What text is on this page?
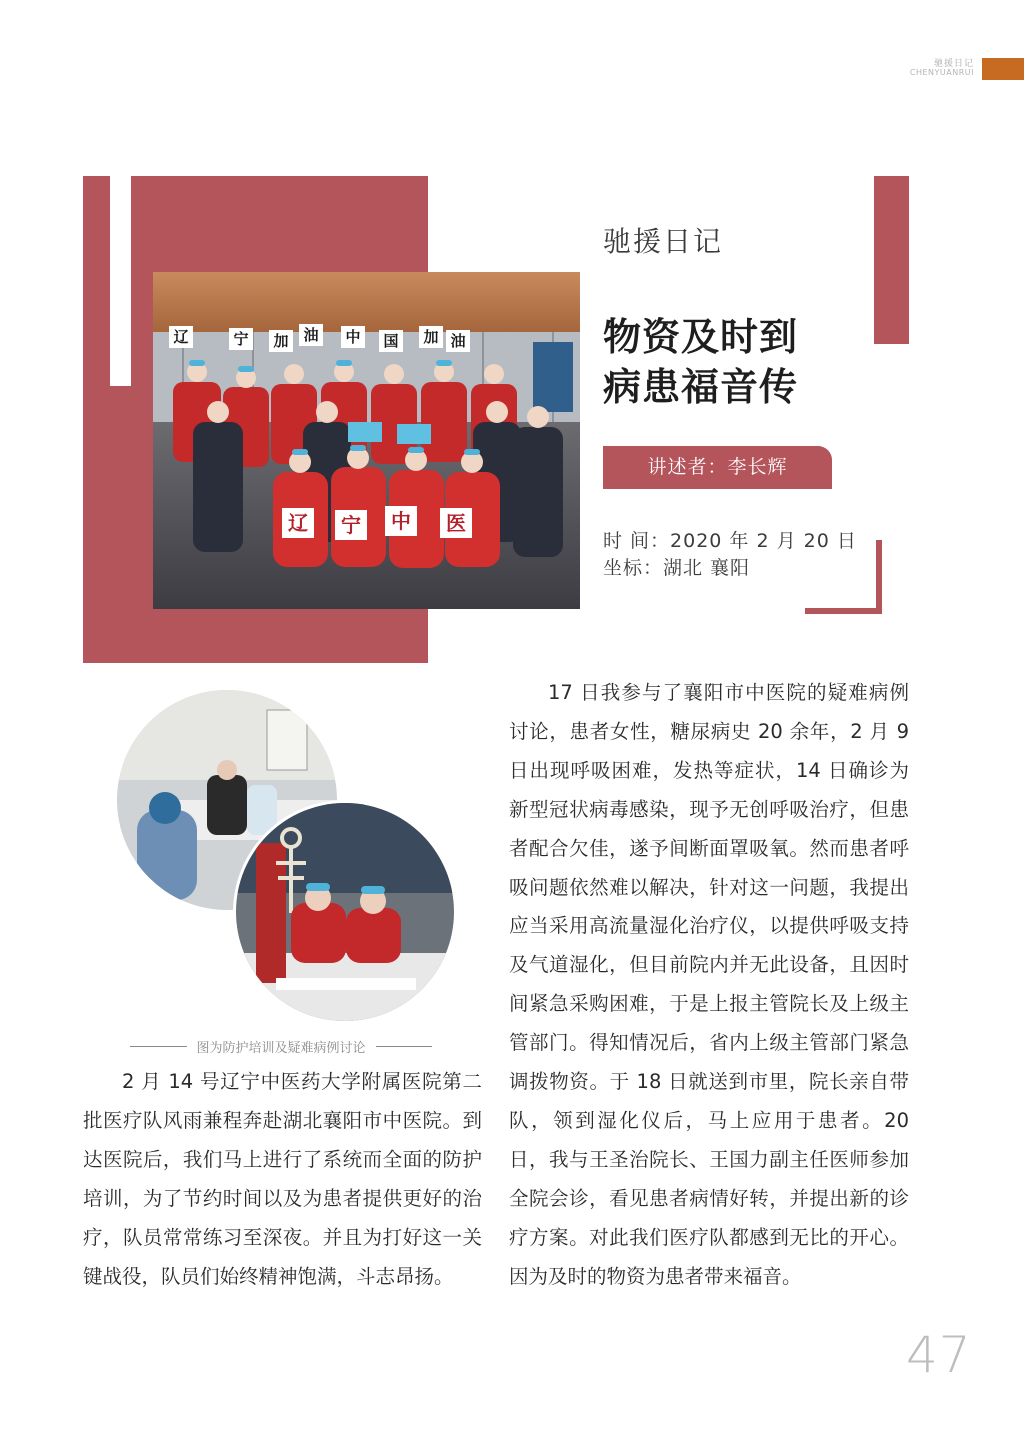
驰援日记
CHENYUANRUI
辽	宁 加 油 中 国 加 油
辽 宁 中 医
驰援日记
物资及时到
病患福音传
讲述者：李长辉
时 间：2020 年 2 月 20 日
坐标：湖北 襄阳
图为防护培训及疑难病例讨论

17 日我参与了襄阳市中医院的疑难病例讨论，患者女性，糖尿病史 20 余年，2 月 9 日出现呼吸困难，发热等症状，14 日确诊为新型冠状病毒感染，现予无创呼吸治疗，但患者配合欠佳，遂予间断面罩吸氧。然而患者呼吸问题依然难以解决，针对这一问题，我提出应当采用高流量湿化治疗仪，以提供呼吸支持及气道湿化，但目前院内并无此设备，且因时间紧急采购困难，于是上报主管院长及上级主管部门。得知情况后，省内上级主管部门紧急调拨物资。于 18 日就送到市里，院长亲自带队，领到湿化仪后，马上应用于患者。20 日，我与王圣治院长、王国力副主任医师参加全院会诊，看见患者病情好转，并提出新的诊疗方案。对此我们医疗队都感到无比的开心。因为及时的物资为患者带来福音。

2 月 14 号辽宁中医药大学附属医院第二批医疗队风雨兼程奔赴湖北襄阳市中医院。到达医院后，我们马上进行了系统而全面的防护培训，为了节约时间以及为患者提供更好的治疗，队员常常练习至深夜。并且为打好这一关键战役，队员们始终精神饱满，斗志昂扬。

47
